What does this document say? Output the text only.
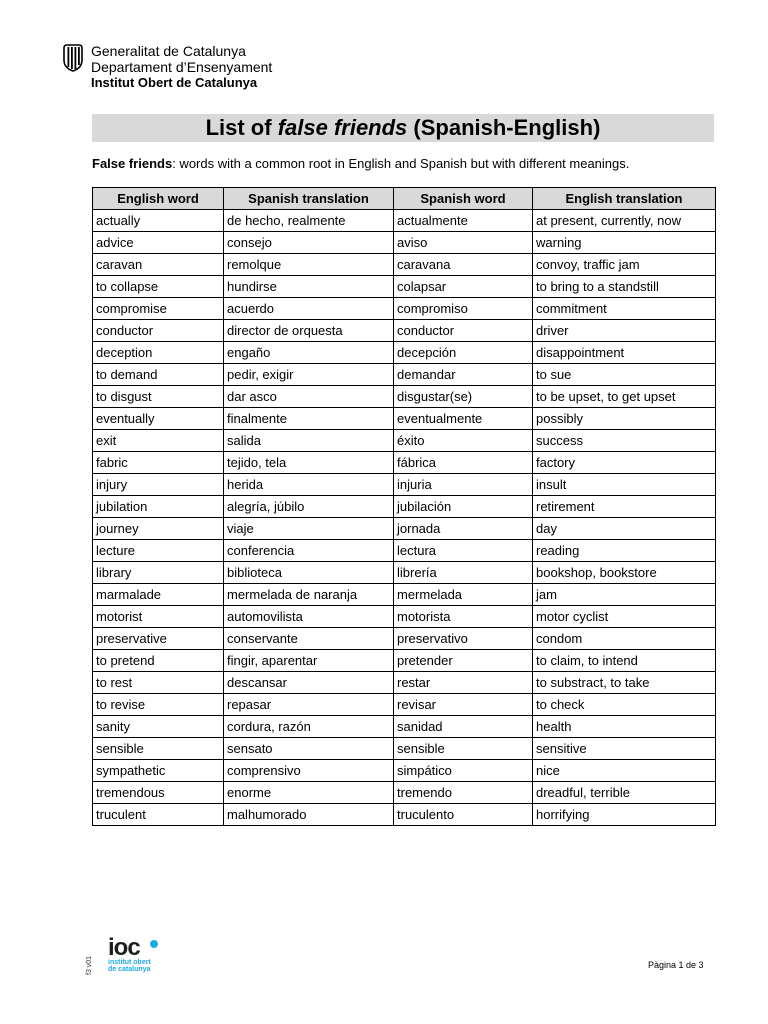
Generalitat de Catalunya
Departament d’Ensenyament
Institut Obert de Catalunya
List of false friends (Spanish-English)
False friends: words with a common root in English and Spanish but with different meanings.
English word	Spanish translation	Spanish word	English translation
actually	de hecho, realmente	actualmente	at present, currently, now
advice	consejo	aviso	warning
caravan	remolque	caravana	convoy, traffic jam
to collapse	hundirse	colapsar	to bring to a standstill
compromise	acuerdo	compromiso	commitment
conductor	director de orquesta	conductor	driver
deception	engaño	decepción	disappointment
to demand	pedir, exigir	demandar	to sue
to disgust	dar asco	disgustar(se)	to be upset, to get upset
eventually	finalmente	eventualmente	possibly
exit	salida	éxito	success
fabric	tejido, tela	fábrica	factory
injury	herida	injuria	insult
jubilation	alegría, júbilo	jubilación	retirement
journey	viaje	jornada	day
lecture	conferencia	lectura	reading
library	biblioteca	librería	bookshop, bookstore
marmalade	mermelada de naranja	mermelada	jam
motorist	automovilista	motorista	motor cyclist
preservative	conservante	preservativo	condom
to pretend	fingir, aparentar	pretender	to claim, to intend
to rest	descansar	restar	to substract, to take
to revise	repasar	revisar	to check
sanity	cordura, razón	sanidad	health
sensible	sensato	sensible	sensitive
sympathetic	comprensivo	simpático	nice
tremendous	enorme	tremendo	dreadful, terrible
truculent	malhumorado	truculento	horrifying
f3 v01
ioc
institut obert
de catalunya	Pàgina 1 de 3
